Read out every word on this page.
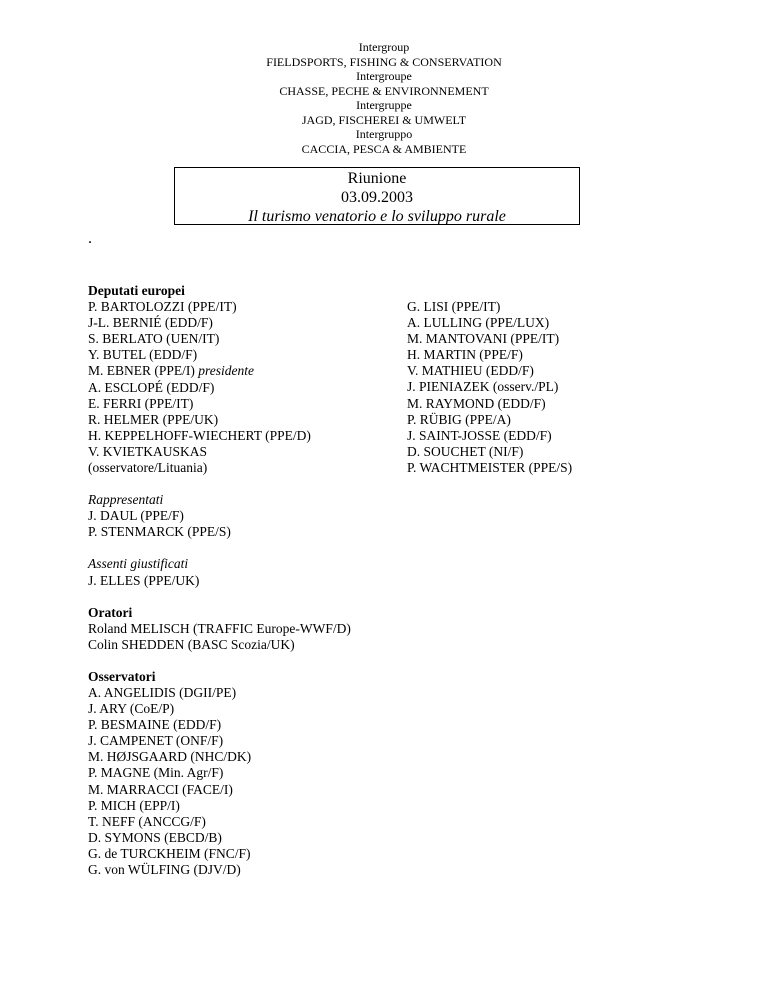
Intergroup
FIELDSPORTS, FISHING & CONSERVATION
Intergroupe
CHASSE, PECHE & ENVIRONNEMENT
Intergruppe
JAGD, FISCHEREI & UMWELT
Intergruppo
CACCIA, PESCA & AMBIENTE
Riunione
03.09.2003
Il turismo venatorio e lo sviluppo rurale
.
Deputati europei
P. BARTOLOZZI (PPE/IT)
J-L. BERNIÉ (EDD/F)
S. BERLATO (UEN/IT)
Y. BUTEL (EDD/F)
M. EBNER (PPE/I) presidente
A. ESCLOPÉ (EDD/F)
E. FERRI (PPE/IT)
R. HELMER (PPE/UK)
H. KEPPELHOFF-WIECHERT (PPE/D)
V. KVIETKAUSKAS
(osservatore/Lituania)
Rappresentati
J. DAUL (PPE/F)
P. STENMARCK (PPE/S)
Assenti giustificati
J. ELLES (PPE/UK)
Oratori
Roland MELISCH (TRAFFIC Europe-WWF/D)
Colin SHEDDEN (BASC Scozia/UK)
Osservatori
A. ANGELIDIS (DGII/PE)
J. ARY (CoE/P)
P. BESMAINE (EDD/F)
J. CAMPENET (ONF/F)
M. HØJSGAARD (NHC/DK)
P. MAGNE (Min. Agr/F)
M. MARRACCI (FACE/I)
P. MICH (EPP/I)
T. NEFF (ANCCG/F)
D. SYMONS (EBCD/B)
G. de TURCKHEIM (FNC/F)
G. von WÜLFING (DJV/D)
G. LISI (PPE/IT)
A. LULLING (PPE/LUX)
M. MANTOVANI (PPE/IT)
H. MARTIN (PPE/F)
V. MATHIEU (EDD/F)
J. PIENIAZEK (osserv./PL)
M. RAYMOND (EDD/F)
P. RÜBIG (PPE/A)
J. SAINT-JOSSE (EDD/F)
D. SOUCHET (NI/F)
P. WACHTMEISTER (PPE/S)
